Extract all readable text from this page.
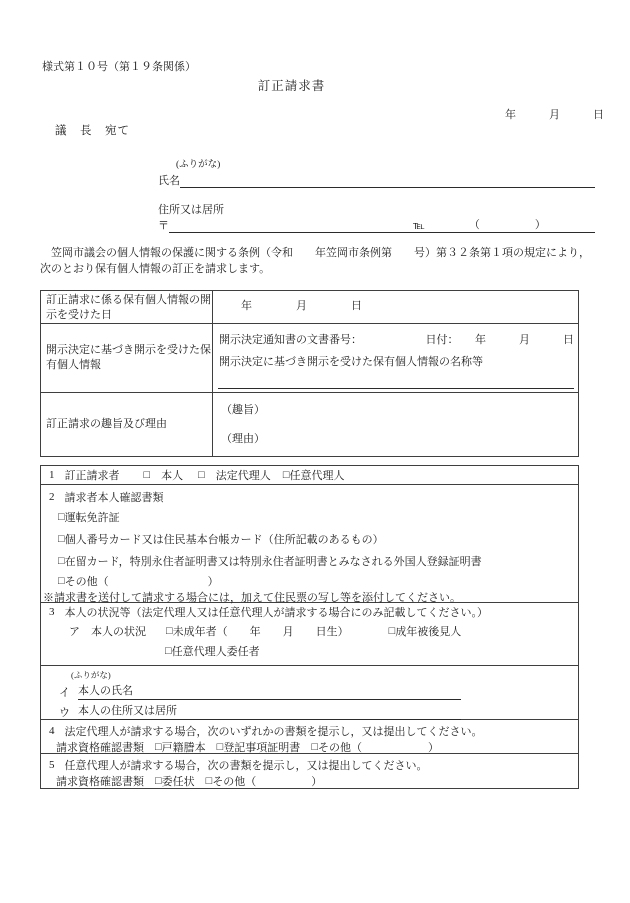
様式第１０号（第１９条関係）
訂正請求書
年　　　月　　　日
議　長　宛て
(ふりがな)
氏名
住所又は居所
〒	℡	（　　　　　）
　笠岡市議会の個人情報の保護に関する条例（令和　　年笠岡市条例第　　号）第３２条第１項の規定により，
次のとおり保有個人情報の訂正を請求します。
訂正請求に係る保有個人情報の開示を受けた日
年　　　　月　　　　日
開示決定に基づき開示を受けた保有個人情報
開示決定通知書の文書番号：	日付：　　年　　　月　　　日
開示決定に基づき開示を受けた保有個人情報の名称等
訂正請求の趣旨及び理由
（趣旨）
（理由）
1 訂正請求者 □ 　本人 □ 　法定代理人 □ 任意代理人
2 請求者本人確認書類
□ 運転免許証
□ 個人番号カード又は住民基本台帳カード（住所記載のあるもの）
□ 在留カード，特別永住者証明書又は特別永住者証明書とみなされる外国人登録証明書
□ その他（　　　　　　　　　）
※請求書を送付して請求する場合には，加えて住民票の写し等を添付してください。
3 本人の状況等（法定代理人又は任意代理人が請求する場合にのみ記載してください。）
ア　本人の状況 □ 未成年者（　　年　　月　　日生）	□ 成年被後見人
□ 任意代理人委任者
(ふりがな)
イ 本人の氏名
ウ 本人の住所又は居所
4 法定代理人が請求する場合，次のいずれかの書類を提示し，又は提出してください。
請求資格確認書類 □ 戸籍謄本 □ 登記事項証明書 □ その他（　　　　　　）
5 任意代理人が請求する場合，次の書類を提示し，又は提出してください。
請求資格確認書類 □ 委任状 □ その他（　　　　　）
